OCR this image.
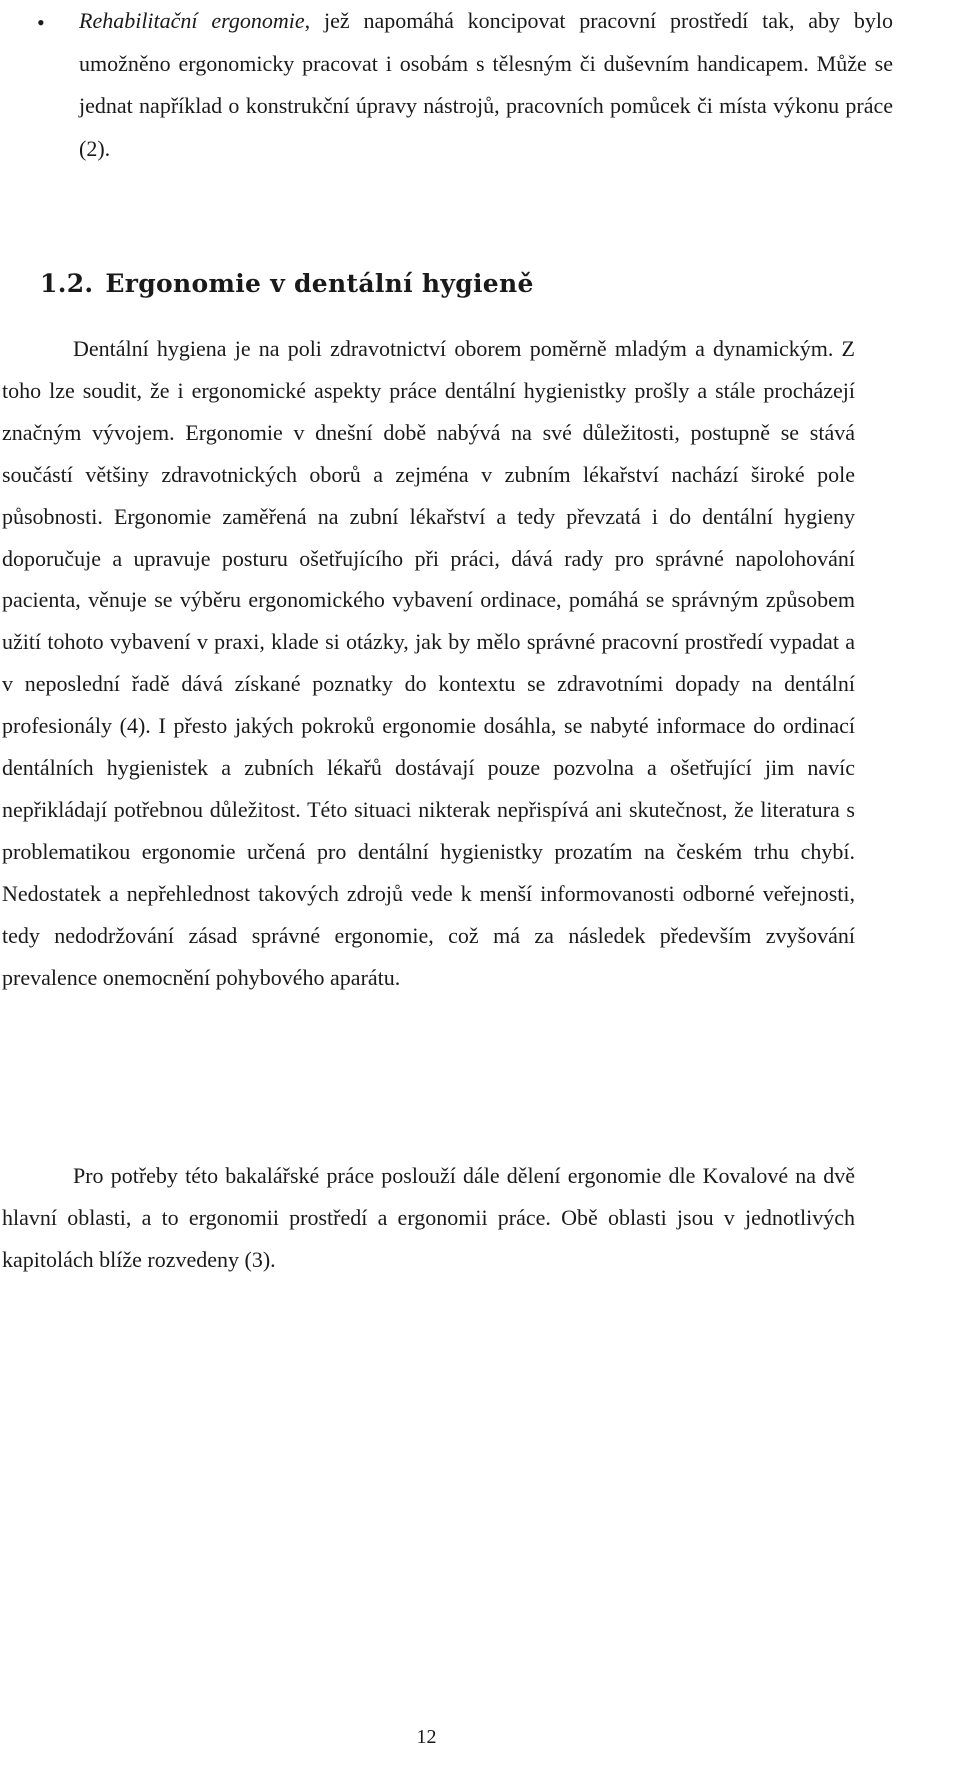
• Rehabilitační ergonomie, jež napomáhá koncipovat pracovní prostředí tak, aby bylo umožněno ergonomicky pracovat i osobám s tělesným či duševním handicapem. Může se jednat například o konstrukční úpravy nástrojů, pracovních pomůcek či místa výkonu práce (2).

1.2. Ergonomie v dentální hygieně

Dentální hygiena je na poli zdravotnictví oborem poměrně mladým a dynamickým. Z toho lze soudit, že i ergonomické aspekty práce dentální hygienistky prošly a stále procházejí značným vývojem. Ergonomie v dnešní době nabývá na své důležitosti, postupně se stává součástí většiny zdravotnických oborů a zejména v zubním lékařství nachází široké pole působnosti. Ergonomie zaměřená na zubní lékařství a tedy převzatá i do dentální hygieny doporučuje a upravuje posturu ošetřujícího při práci, dává rady pro správné napolohování pacienta, věnuje se výběru ergonomického vybavení ordinace, pomáhá se správným způsobem užití tohoto vybavení v praxi, klade si otázky, jak by mělo správné pracovní prostředí vypadat a v neposlední řadě dává získané poznatky do kontextu se zdravotními dopady na dentální profesionály (4). I přesto jakých pokroků ergonomie dosáhla, se nabyté informace do ordinací dentálních hygienistek a zubních lékařů dostávají pouze pozvolna a ošetřující jim navíc nepřikládají potřebnou důležitost. Této situaci nikterak nepřispívá ani skutečnost, že literatura s problematikou ergonomie určená pro dentální hygienistky prozatím na českém trhu chybí. Nedostatek a nepřehlednost takových zdrojů vede k menší informovanosti odborné veřejnosti, tedy nedodržování zásad správné ergonomie, což má za následek především zvyšování prevalence onemocnění pohybového aparátu.

Pro potřeby této bakalářské práce poslouží dále dělení ergonomie dle Kovalové na dvě hlavní oblasti, a to ergonomii prostředí a ergonomii práce. Obě oblasti jsou v jednotlivých kapitolách blíže rozvedeny (3).

12
